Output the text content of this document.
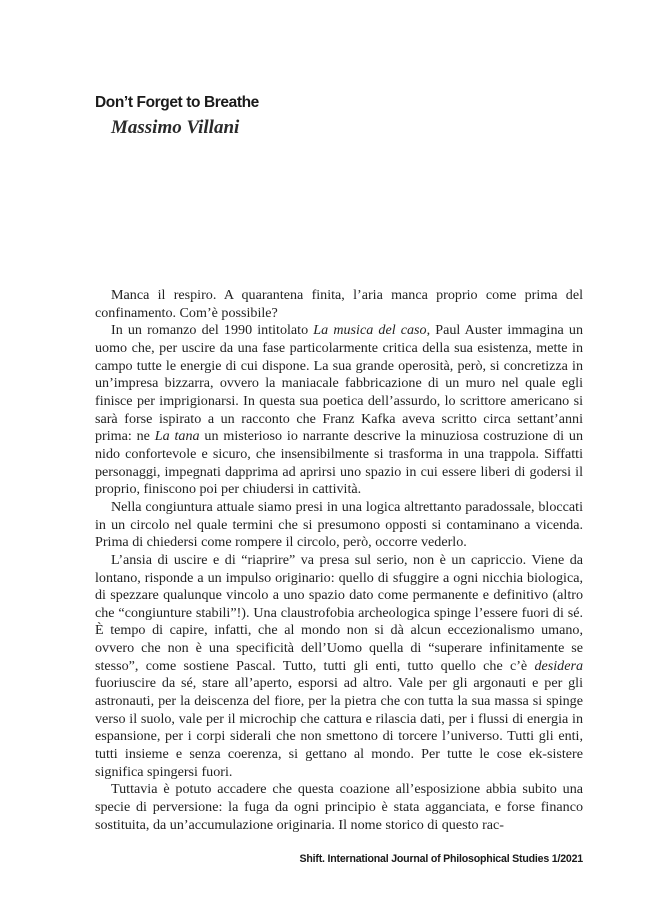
Don’t Forget to Breathe
Massimo Villani

Manca il respiro. A quarantena finita, l’aria manca proprio come prima del confinamento. Com’è possibile?

In un romanzo del 1990 intitolato La musica del caso, Paul Auster immagina un uomo che, per uscire da una fase particolarmente critica della sua esistenza, mette in campo tutte le energie di cui dispone. La sua grande operosità, però, si concretizza in un’impresa bizzarra, ovvero la maniacale fabbricazione di un muro nel quale egli finisce per imprigionarsi. In questa sua poetica dell’assurdo, lo scrittore americano si sarà forse ispirato a un racconto che Franz Kafka aveva scritto circa settant’anni prima: ne La tana un misterioso io narrante descrive la minuziosa costruzione di un nido confortevole e sicuro, che insensibilmente si trasforma in una trappola. Siffatti personaggi, impegnati dapprima ad aprirsi uno spazio in cui essere liberi di godersi il proprio, finiscono poi per chiudersi in cattività.

Nella congiuntura attuale siamo presi in una logica altrettanto paradossale, bloccati in un circolo nel quale termini che si presumono opposti si contaminano a vicenda. Prima di chiedersi come rompere il circolo, però, occorre vederlo.

L’ansia di uscire e di “riaprire” va presa sul serio, non è un capriccio. Viene da lontano, risponde a un impulso originario: quello di sfuggire a ogni nicchia biologica, di spezzare qualunque vincolo a uno spazio dato come permanente e definitivo (altro che “congiunture stabili”!). Una claustrofobia archeologica spinge l’essere fuori di sé. È tempo di capire, infatti, che al mondo non si dà alcun eccezionalismo umano, ovvero che non è una specificità dell’Uomo quella di “superare infinitamente se stesso”, come sostiene Pascal. Tutto, tutti gli enti, tutto quello che c’è desidera fuoriuscire da sé, stare all’aperto, esporsi ad altro. Vale per gli argonauti e per gli astronauti, per la deiscenza del fiore, per la pietra che con tutta la sua massa si spinge verso il suolo, vale per il microchip che cattura e rilascia dati, per i flussi di energia in espansione, per i corpi siderali che non smettono di torcere l’universo. Tutti gli enti, tutti insieme e senza coerenza, si gettano al mondo. Per tutte le cose ek-sistere significa spingersi fuori.

Tuttavia è potuto accadere che questa coazione all’esposizione abbia subito una specie di perversione: la fuga da ogni principio è stata agganciata, e forse financo sostituita, da un’accumulazione originaria. Il nome storico di questo rac-

Shift. International Journal of Philosophical Studies 1/2021
